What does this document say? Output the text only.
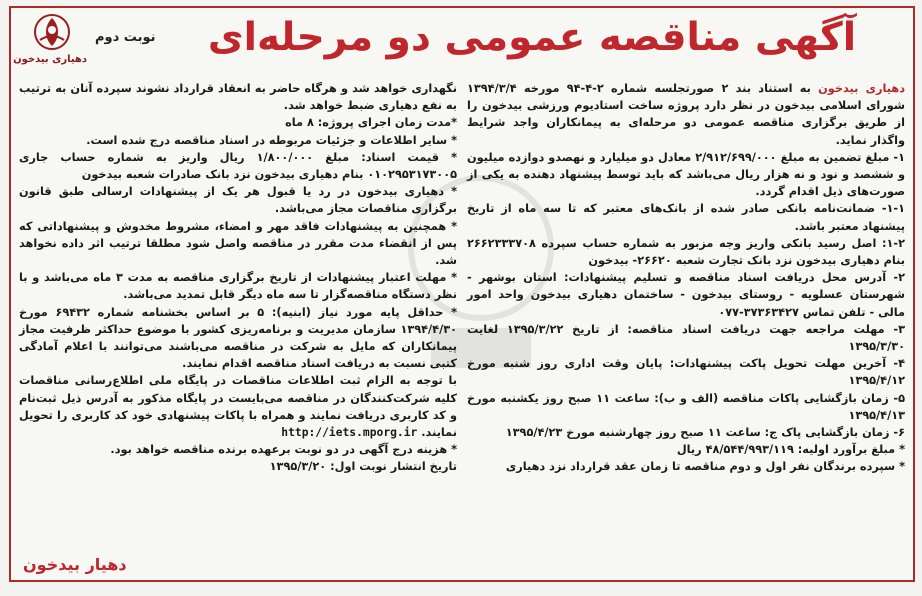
دهیاری بیدخون
نوبت دوم	آگهی مناقصه عمومی دو مرحله‌ای

دهیاری بیدخون به استناد بند ۲ صورتجلسه شماره ۲-۴-۹۴ مورخه ۱۳۹۴/۳/۴ شورای اسلامی بیدخون در نظر دارد پروژه ساخت استادیوم ورزشی بیدخون را از طریق برگزاری مناقصه عمومی دو مرحله‌ای به پیمانکاران واجد شرایط واگذار نماید.

۱- مبلغ تضمین به مبلغ ۲/۹۱۲/۶۹۹/۰۰۰ معادل دو میلیارد و نهصدو دوازده میلیون و ششصد و نود و نه هزار ریال می‌باشد که باید توسط پیشنهاد دهنده به یکی از صورت‌های ذیل اقدام گردد.

۱-۱- ضمانت‌نامه بانکی صادر شده از بانک‌های معتبر که تا سه ماه از تاریخ پیشنهاد معتبر باشد.

۱-۲: اصل رسید بانکی واریز وجه مزبور به شماره حساب سپرده ۲۶۶۲۳۳۳۷۰۸ بنام دهیاری بیدخون نزد بانک تجارت شعبه ۲۶۶۲۰- بیدخون

۲- آدرس محل دریافت اسناد مناقصه و تسلیم پیشنهادات: استان بوشهر - شهرستان عسلویه - روستای بیدخون - ساختمان دهیاری بیدخون واحد امور مالی - تلفن تماس ۳۷۳۶۳۴۲۷-۰۷۷

۳- مهلت مراجعه جهت دریافت اسناد مناقصه: از تاریخ ۱۳۹۵/۳/۲۲ لغایت ۱۳۹۵/۳/۳۰

۴- آخرین مهلت تحویل پاکت پیشنهادات: پایان وقت اداری روز شنبه مورخ ۱۳۹۵/۴/۱۲

۵- زمان بازگشایی پاکات مناقصه (الف و ب): ساعت ۱۱ صبح روز یکشنبه مورخ ۱۳۹۵/۴/۱۳

۶- زمان بازگشایی پاک ج: ساعت ۱۱ صبح روز چهارشنبه مورخ ۱۳۹۵/۴/۲۳

* مبلغ برآورد اولیه: ۴۸/۵۴۴/۹۹۳/۱۱۹ ریال

* سپرده برندگان نفر اول و دوم مناقصه تا زمان عقد قرارداد نزد دهیاری

نگهداری خواهد شد و هرگاه حاضر به انعقاد قرارداد نشوند سپرده آنان به ترتیب به نفع دهیاری ضبط خواهد شد.

*مدت زمان اجرای پروژه: ۸ ماه

* سایر اطلاعات و جزئیات مربوطه در اسناد مناقصه درج شده است.

* قیمت اسناد: مبلغ ۱/۸۰۰/۰۰۰ ریال واریز به شماره حساب جاری ۰۱۰۲۹۵۳۱۷۳۰۰۵ بنام دهیاری بیدخون نزد بانک صادرات شعبه بیدخون

* دهیاری بیدخون در رد یا قبول هر یک از پیشنهادات ارسالی طبق قانون برگزاری مناقصات مجاز می‌باشد.

* همچنین به پیشنهادات فاقد مهر و امضاء، مشروط مخدوش و پیشنهاداتی که پس از انقضاء مدت مقرر در مناقصه واصل شود مطلقا ترتیب اثر داده نخواهد شد.

* مهلت اعتبار پیشنهادات از تاریخ برگزاری مناقصه به مدت ۳ ماه می‌باشد و با نظر دستگاه مناقصه‌گزار تا سه ماه دیگر قابل تمدید می‌باشد.

* حداقل پایه مورد نیاز (ابنیه): ۵ بر اساس بخشنامه شماره ۶۹۴۳۲ مورخ ۱۳۹۴/۴/۳۰ سازمان مدیریت و برنامه‌ریزی کشور با موضوع حداکثر ظرفیت مجاز پیمانکاران که مایل به شرکت در مناقصه می‌باشند می‌توانند با اعلام آمادگی کتبی نسبت به دریافت اسناد مناقصه اقدام نمایند.

با توجه به الزام ثبت اطلاعات مناقصات در پایگاه ملی اطلاع‌رسانی مناقصات کلیه شرکت‌کنندگان در مناقصه می‌بایست در پایگاه مذکور به آدرس ذیل ثبت‌نام و کد کاربری دریافت نمایند و همراه با پاکات پیشنهادی خود کد کاربری را تحویل نمایند. http://iets.mporg.ir

* هزینه درج آگهی در دو نوبت برعهده برنده مناقصه خواهد بود.

تاریخ انتشار نوبت اول: ۱۳۹۵/۳/۲۰

دهیار بیدخون
